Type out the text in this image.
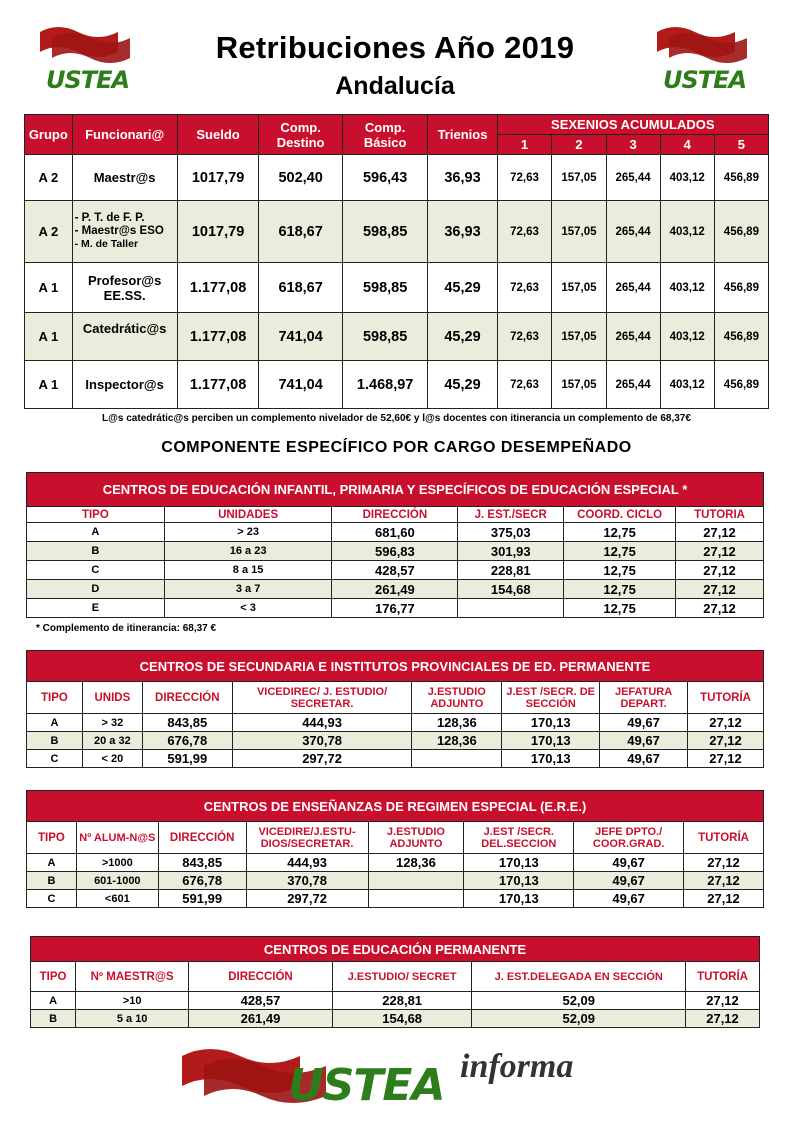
USTEA	USTEA
Retribuciones Año 2019
Andalucía
Grupo	Funcionari@	Sueldo	Comp. Destino	Comp. Básico	Trienios	SEXENIOS ACUMULADOS				
						1	2	3	4	5
A 2	Maestr@s	1017,79	502,40	596,43	36,93	72,63	157,05	265,44	403,12	456,89
A 2	- P. T. de F. P.
- Maestr@s ESO
- M. de Taller	1017,79	618,67	598,85	36,93	72,63	157,05	265,44	403,12	456,89
A 1	Profesor@s
EE.SS.	1.177,08	618,67	598,85	45,29	72,63	157,05	265,44	403,12	456,89
A 1	Catedrátic@s	1.177,08	741,04	598,85	45,29	72,63	157,05	265,44	403,12	456,89
A 1	Inspector@s	1.177,08	741,04	1.468,97	45,29	72,63	157,05	265,44	403,12	456,89
L@s catedrátic@s perciben un complemento nivelador de 52,60€ y l@s docentes con itinerancia un complemento de 68,37€
COMPONENTE ESPECÍFICO POR CARGO DESEMPEÑADO
CENTROS DE EDUCACIÓN INFANTIL, PRIMARIA Y ESPECÍFICOS DE EDUCACIÓN ESPECIAL *					
TIPO	UNIDADES	DIRECCIÓN	J. EST./SECR	COORD. CICLO	TUTORIA
A	> 23	681,60	375,03	12,75	27,12
B	16 a 23	596,83	301,93	12,75	27,12
C	8 a 15	428,57	228,81	12,75	27,12
D	3 a 7	261,49	154,68	12,75	27,12
E	< 3	176,77		12,75	27,12
* Complemento de itinerancia: 68,37 €
CENTROS DE SECUNDARIA E INSTITUTOS PROVINCIALES DE ED. PERMANENTE							
TIPO	UNIDS	DIRECCIÓN	VICEDIREC/ J. ESTUDIO/ SECRETAR.	J.ESTUDIO ADJUNTO	J.EST /SECR. DE SECCIÓN	JEFATURA DEPART.	TUTORÍA
A	> 32	843,85	444,93	128,36	170,13	49,67	27,12
B	20 a 32	676,78	370,78	128,36	170,13	49,67	27,12
C	< 20	591,99	297,72		170,13	49,67	27,12
CENTROS DE ENSEÑANZAS DE REGIMEN ESPECIAL (E.R.E.)							
TIPO	Nº ALUM-N@S	DIRECCIÓN	VICEDIRE/J.ESTU-DIOS/SECRETAR.	J.ESTUDIO ADJUNTO	J.EST /SECR. DEL.SECCION	JEFE DPTO./ COOR.GRAD.	TUTORÍA
A	>1000	843,85	444,93	128,36	170,13	49,67	27,12
B	601-1000	676,78	370,78		170,13	49,67	27,12
C	<601	591,99	297,72		170,13	49,67	27,12
CENTROS DE EDUCACIÓN PERMANENTE					
TIPO	Nº MAESTR@S	DIRECCIÓN	J.ESTUDIO/ SECRET	J. EST.DELEGADA EN SECCIÓN	TUTORÍA
A	>10	428,57	228,81	52,09	27,12
B	5 a 10	261,49	154,68	52,09	27,12
USTEA informa
